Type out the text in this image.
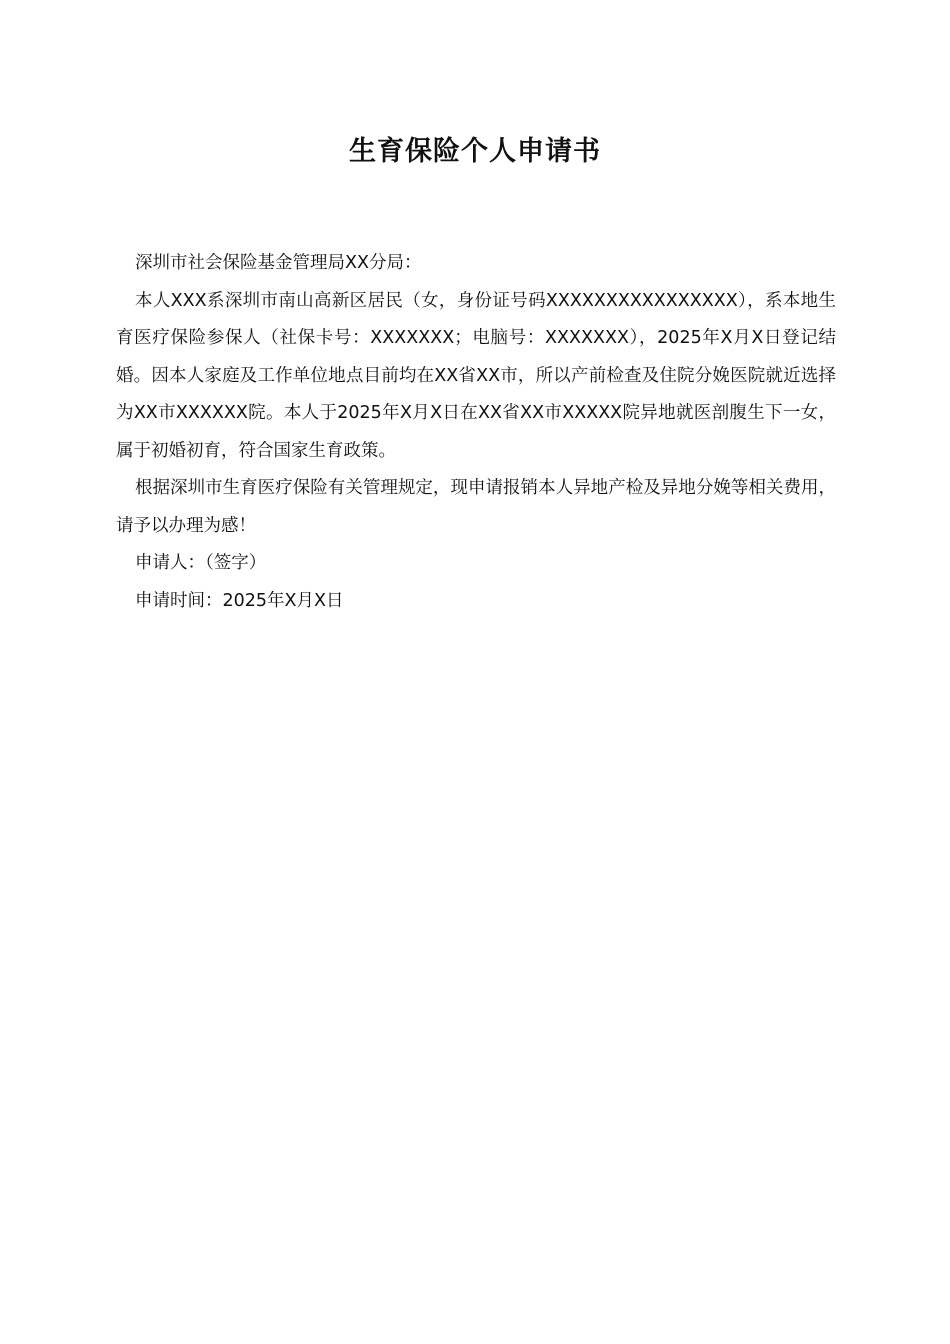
生育保险个人申请书

深圳市社会保险基金管理局XX分局：

本人XXX系深圳市南山高新区居民（女，身份证号码XXXXXXXXXXXXXXXX），系本地生育医疗保险参保人（社保卡号：XXXXXXX；电脑号：XXXXXXX），2025年X月X日登记结婚。因本人家庭及工作单位地点目前均在XX省XX市，所以产前检查及住院分娩医院就近选择为XX市XXXXXX院。本人于2025年X月X日在XX省XX市XXXXX院异地就医剖腹生下一女，属于初婚初育，符合国家生育政策。

根据深圳市生育医疗保险有关管理规定，现申请报销本人异地产检及异地分娩等相关费用，请予以办理为感！

申请人：（签字）

申请时间：2025年X月X日
